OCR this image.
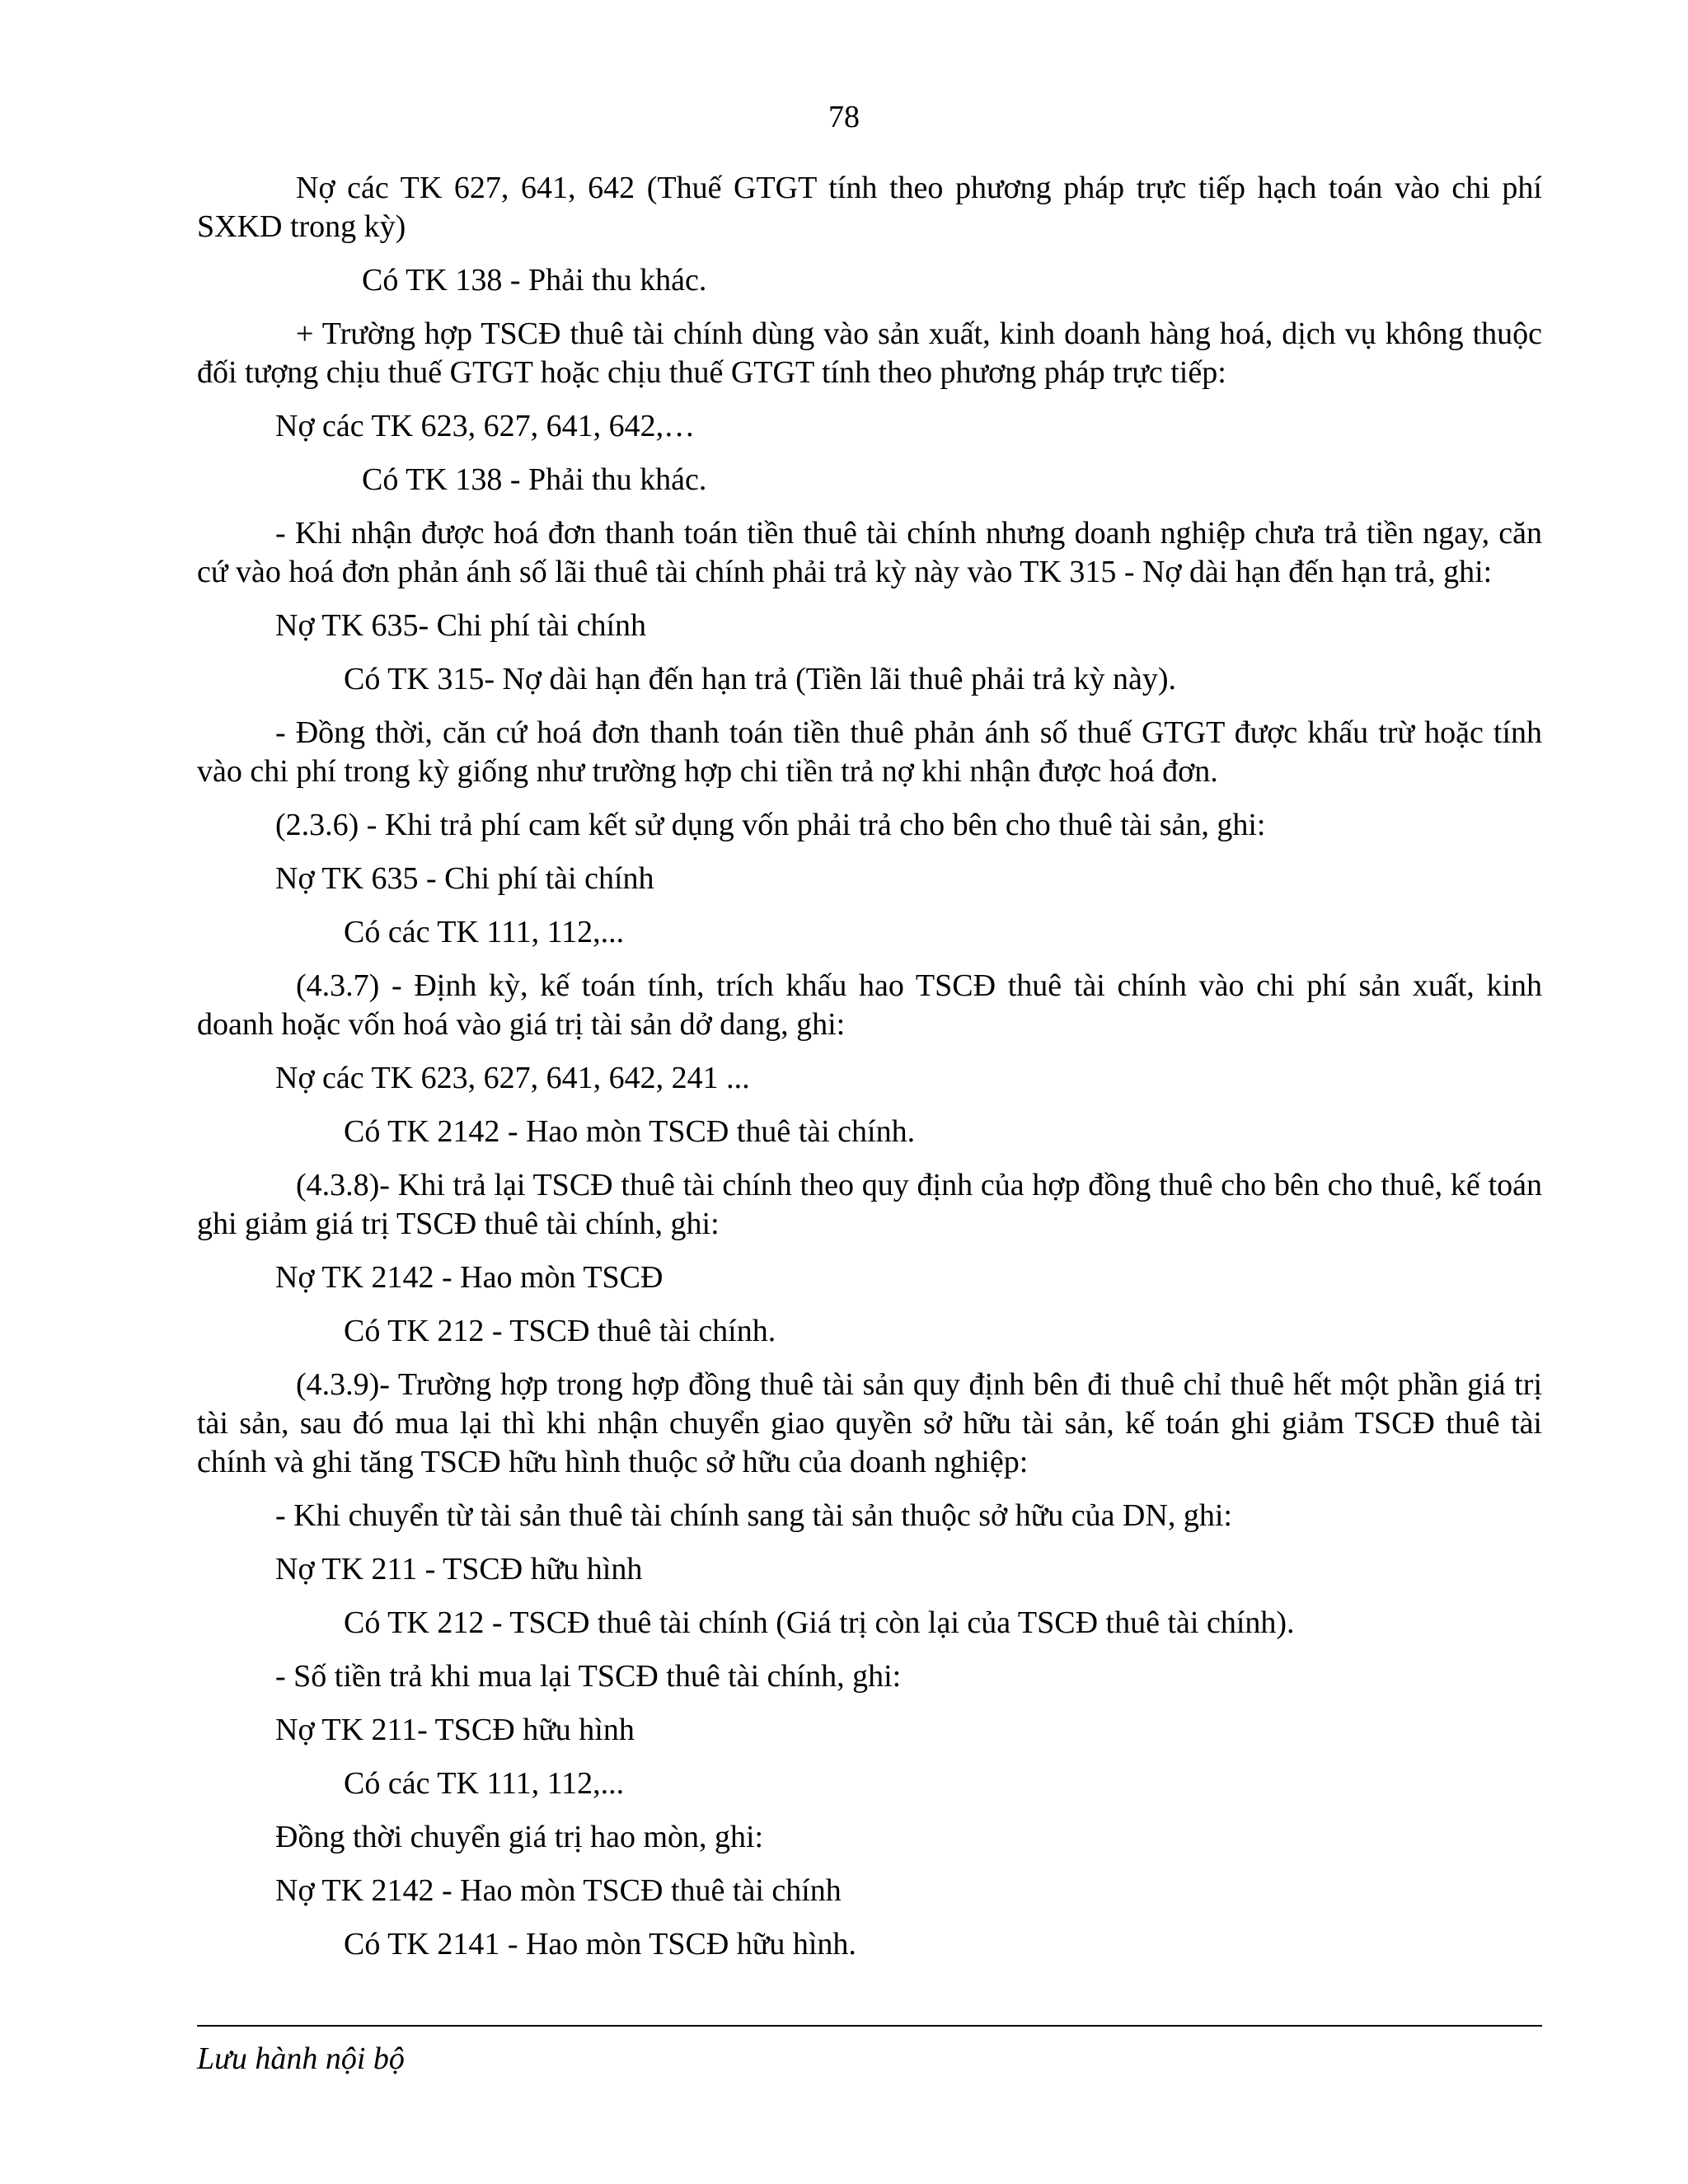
78

Nợ các TK 627, 641, 642 (Thuế GTGT tính theo phương pháp trực tiếp hạch toán vào chi phí SXKD trong kỳ)

Có TK 138 - Phải thu khác.

+ Trường hợp TSCĐ thuê tài chính dùng vào sản xuất, kinh doanh hàng hoá, dịch vụ không thuộc đối tượng chịu thuế GTGT hoặc chịu thuế GTGT tính theo phương pháp trực tiếp:

Nợ các TK 623, 627, 641, 642,…

Có TK 138 - Phải thu khác.

- Khi nhận được hoá đơn thanh toán tiền thuê tài chính nhưng doanh nghiệp chưa trả tiền ngay, căn cứ vào hoá đơn phản ánh số lãi thuê tài chính phải trả kỳ này vào TK 315 - Nợ dài hạn đến hạn trả, ghi:

Nợ TK 635- Chi phí tài chính

Có TK 315- Nợ dài hạn đến hạn trả (Tiền lãi thuê phải trả kỳ này).

- Đồng thời, căn cứ hoá đơn thanh toán tiền thuê phản ánh số thuế GTGT được khấu trừ hoặc tính vào chi phí trong kỳ giống như trường hợp chi tiền trả nợ khi nhận được hoá đơn.

(2.3.6) - Khi trả phí cam kết sử dụng vốn phải trả cho bên cho thuê tài sản, ghi:

Nợ TK 635 - Chi phí tài chính

Có các TK 111, 112,...

(4.3.7) - Định kỳ, kế toán tính, trích khấu hao TSCĐ thuê tài chính vào chi phí sản xuất, kinh doanh hoặc vốn hoá vào giá trị tài sản dở dang, ghi:

Nợ các TK 623, 627, 641, 642, 241 ...

Có TK 2142 - Hao mòn TSCĐ thuê tài chính.

(4.3.8)- Khi trả lại TSCĐ thuê tài chính theo quy định của hợp đồng thuê cho bên cho thuê, kế toán ghi giảm giá trị TSCĐ thuê tài chính, ghi:

Nợ TK 2142 - Hao mòn TSCĐ

Có TK 212 - TSCĐ thuê tài chính.

(4.3.9)- Trường hợp trong hợp đồng thuê tài sản quy định bên đi thuê chỉ thuê hết một phần giá trị tài sản, sau đó mua lại thì khi nhận chuyển giao quyền sở hữu tài sản, kế toán ghi giảm TSCĐ thuê tài chính và ghi tăng TSCĐ hữu hình thuộc sở hữu của doanh nghiệp:

- Khi chuyển từ tài sản thuê tài chính sang tài sản thuộc sở hữu của DN, ghi:

Nợ TK 211 - TSCĐ hữu hình

Có TK 212 - TSCĐ thuê tài chính (Giá trị còn lại của TSCĐ thuê tài chính).

- Số tiền trả khi mua lại TSCĐ thuê tài chính, ghi:

Nợ TK 211- TSCĐ hữu hình

Có các TK 111, 112,...

Đồng thời chuyển giá trị hao mòn, ghi:

Nợ TK 2142 - Hao mòn TSCĐ thuê tài chính

Có TK 2141 - Hao mòn TSCĐ hữu hình.

Lưu hành nội bộ
